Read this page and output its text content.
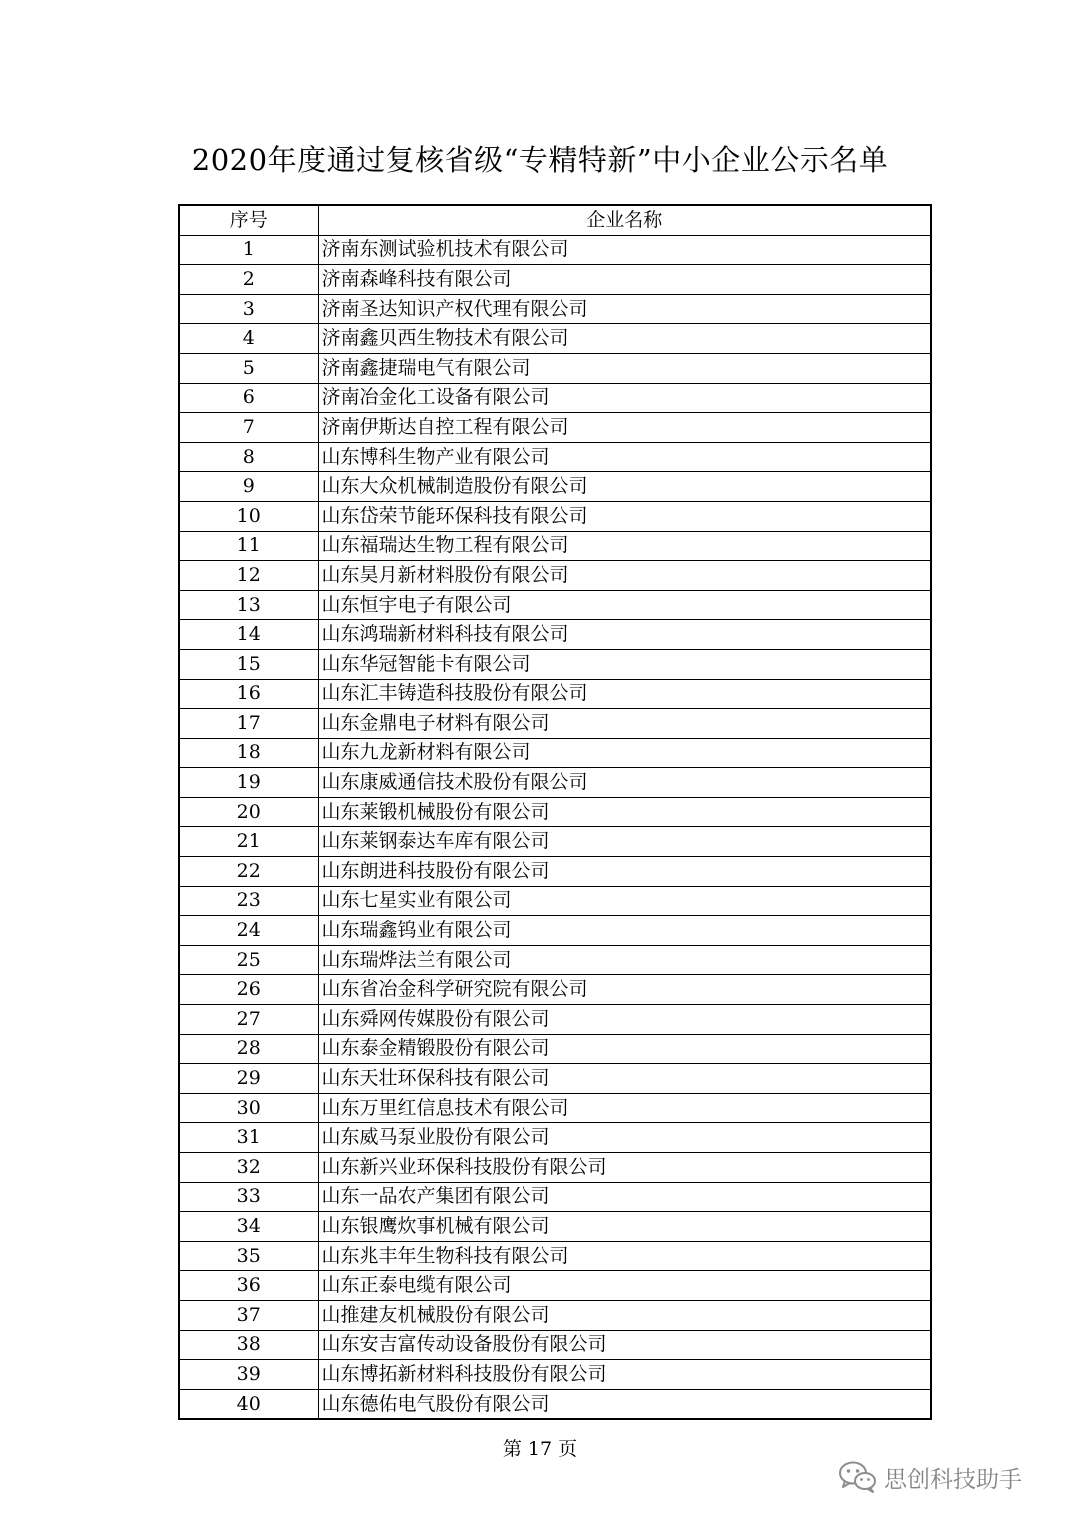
2020年度通过复核省级“专精特新”中小企业公示名单
序号	企业名称
1	济南东测试验机技术有限公司
2	济南森峰科技有限公司
3	济南圣达知识产权代理有限公司
4	济南鑫贝西生物技术有限公司
5	济南鑫捷瑞电气有限公司
6	济南冶金化工设备有限公司
7	济南伊斯达自控工程有限公司
8	山东博科生物产业有限公司
9	山东大众机械制造股份有限公司
10	山东岱荣节能环保科技有限公司
11	山东福瑞达生物工程有限公司
12	山东昊月新材料股份有限公司
13	山东恒宇电子有限公司
14	山东鸿瑞新材料科技有限公司
15	山东华冠智能卡有限公司
16	山东汇丰铸造科技股份有限公司
17	山东金鼎电子材料有限公司
18	山东九龙新材料有限公司
19	山东康威通信技术股份有限公司
20	山东莱锻机械股份有限公司
21	山东莱钢泰达车库有限公司
22	山东朗进科技股份有限公司
23	山东七星实业有限公司
24	山东瑞鑫钨业有限公司
25	山东瑞烨法兰有限公司
26	山东省冶金科学研究院有限公司
27	山东舜网传媒股份有限公司
28	山东泰金精锻股份有限公司
29	山东天壮环保科技有限公司
30	山东万里红信息技术有限公司
31	山东威马泵业股份有限公司
32	山东新兴业环保科技股份有限公司
33	山东一品农产集团有限公司
34	山东银鹰炊事机械有限公司
35	山东兆丰年生物科技有限公司
36	山东正泰电缆有限公司
37	山推建友机械股份有限公司
38	山东安吉富传动设备股份有限公司
39	山东博拓新材料科技股份有限公司
40	山东德佑电气股份有限公司
第 17 页
思创科技助手
